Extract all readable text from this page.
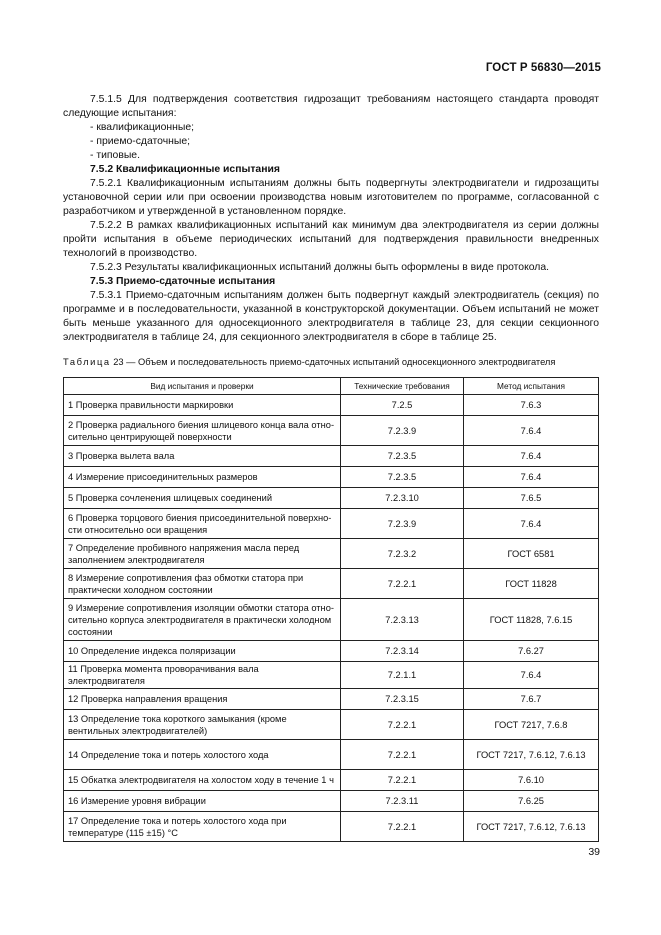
ГОСТ Р 56830—2015

7.5.1.5 Для подтверждения соответствия гидрозащит требованиям настоящего стандарта проводят следующие испытания:

- квалификационные;

- приемо-сдаточные;

- типовые.

7.5.2 Квалификационные испытания

7.5.2.1 Квалификационным испытаниям должны быть подвергнуты электродвигатели и гидрозащиты установочной серии или при освоении производства новым изготовителем по программе, согласованной с разработчиком и утвержденной в установленном порядке.

7.5.2.2 В рамках квалификационных испытаний как минимум два электродвигателя из серии должны пройти испытания в объеме периодических испытаний для подтверждения правильности внедренных технологий в производство.

7.5.2.3 Результаты квалификационных испытаний должны быть оформлены в виде протокола.

7.5.3 Приемо-сдаточные испытания

7.5.3.1 Приемо-сдаточным испытаниям должен быть подвергнут каждый электродвигатель (секция) по программе и в последовательности, указанной в конструкторской документации. Объем испытаний не может быть меньше указанного для односекционного электродвигателя в таблице 23, для секции секционного электродвигателя в таблице 24, для секционного электродвигателя в сборе в таблице 25.

Таблица 23 — Объем и последовательность приемо-сдаточных испытаний односекционного электродвигателя
Вид испытания и проверки	Технические требования	Метод испытания
1 Проверка правильности маркировки	7.2.5	7.6.3
2 Проверка радиального биения шлицевого конца вала относительно центрирующей поверхности	7.2.3.9	7.6.4
3 Проверка вылета вала	7.2.3.5	7.6.4
4 Измерение присоединительных размеров	7.2.3.5	7.6.4
5 Проверка сочленения шлицевых соединений	7.2.3.10	7.6.5
6 Проверка торцового биения присоединительной поверхности относительно оси вращения	7.2.3.9	7.6.4
7 Определение пробивного напряжения масла перед заполнением электродвигателя	7.2.3.2	ГОСТ 6581
8 Измерение сопротивления фаз обмотки статора при практически холодном состоянии	7.2.2.1	ГОСТ 11828
9 Измерение сопротивления изоляции обмотки статора относительно корпуса электродвигателя в практически холодном состоянии	7.2.3.13	ГОСТ 11828, 7.6.15
10 Определение индекса поляризации	7.2.3.14	7.6.27
11 Проверка момента проворачивания вала электродвигателя	7.2.1.1	7.6.4
12 Проверка направления вращения	7.2.3.15	7.6.7
13 Определение тока короткого замыкания (кроме вентильных электродвигателей)	7.2.2.1	ГОСТ 7217, 7.6.8
14 Определение тока и потерь холостого хода	7.2.2.1	ГОСТ 7217, 7.6.12, 7.6.13
15 Обкатка электродвигателя на холостом ходу в течение 1 ч	7.2.2.1	7.6.10
16 Измерение уровня вибрации	7.2.3.11	7.6.25
17 Определение тока и потерь холостого хода при температуре (115 ±15) °С	7.2.2.1	ГОСТ 7217, 7.6.12, 7.6.13
39
